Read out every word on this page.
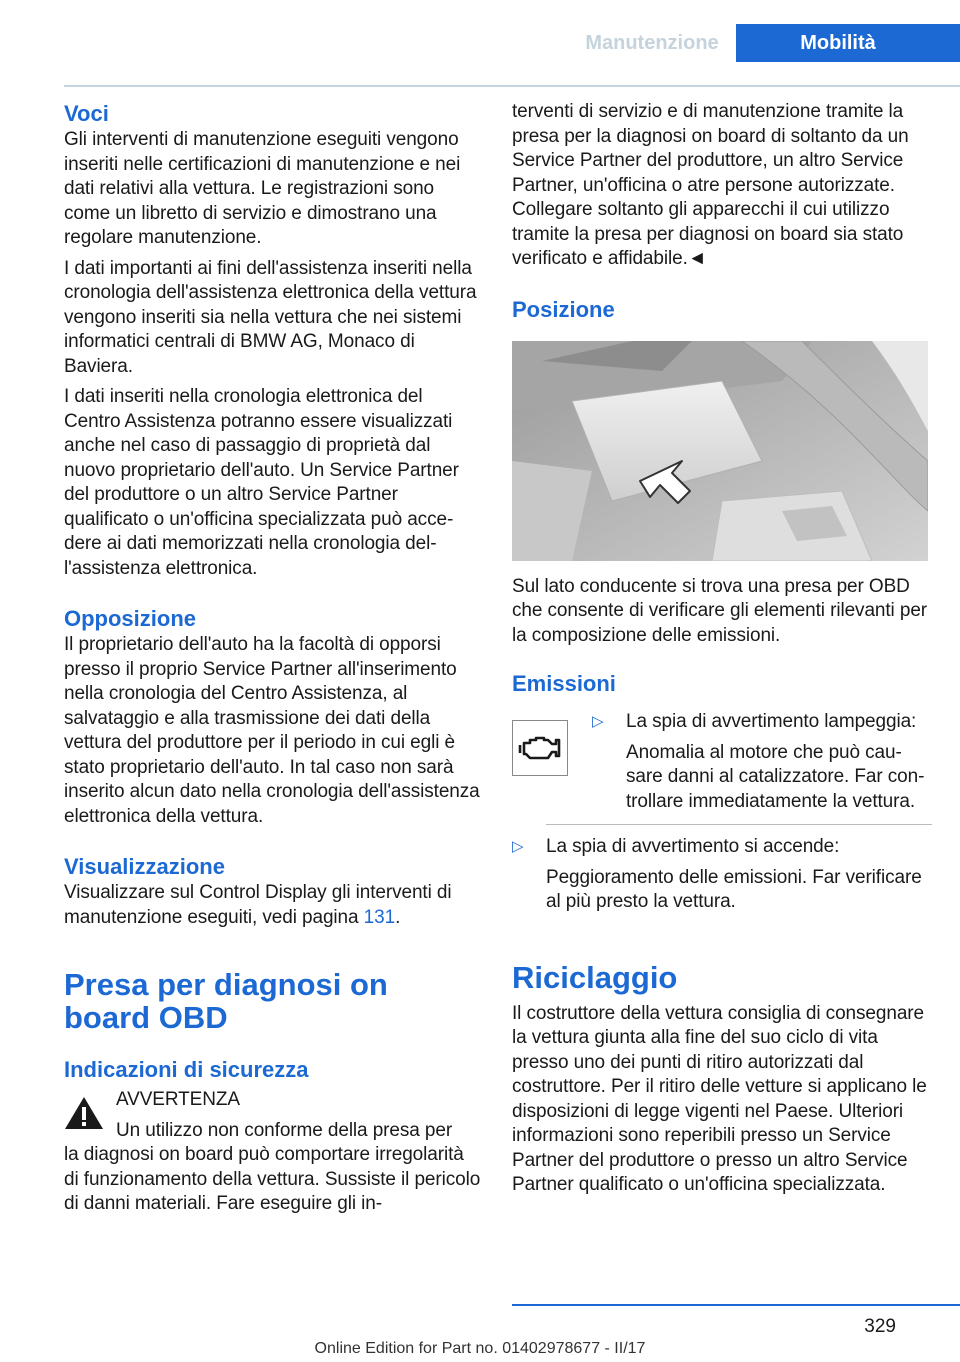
Manutenzione	Mobilità
Voci

Gli interventi di manutenzione eseguiti vengono inseriti nelle certificazioni di manutenzione e nei dati relativi alla vettura. Le registrazioni sono come un libretto di servizio e dimostrano una regolare manutenzione.

I dati importanti ai fini dell'assistenza inseriti nella cronologia dell'assistenza elettronica della vettura vengono inseriti sia nella vettura che nei sistemi informatici centrali di BMW AG, Monaco di Baviera.

I dati inseriti nella cronologia elettronica del Centro Assistenza potranno essere visualizzati anche nel caso di passaggio di proprietà dal nuovo proprietario dell'auto. Un Service Partner del produttore o un altro Service Partner qualificato o un'officina specializzata può accedere ai dati memorizzati nella cronologia dell'assistenza elettronica.

Opposizione

Il proprietario dell'auto ha la facoltà di opporsi presso il proprio Service Partner all'inserimento nella cronologia del Centro Assistenza, al salvataggio e alla trasmissione dei dati della vettura del produttore per il periodo in cui egli è stato proprietario dell'auto. In tal caso non sarà inserito alcun dato nella cronologia dell'assistenza elettronica della vettura.

Visualizzazione

Visualizzare sul Control Display gli interventi di manutenzione eseguiti, vedi pagina 131.

Presa per diagnosi on board OBD
Indicazioni di sicurezza

AVVERTENZA

Un utilizzo non conforme della presa per

la diagnosi on board può comportare irregolarità di funzionamento della vettura. Sussiste il pericolo di danni materiali. Fare eseguire gli in-

terventi di servizio e di manutenzione tramite la presa per la diagnosi on board di soltanto da un Service Partner del produttore, un altro Service Partner, un'officina o atre persone autorizzate. Collegare soltanto gli apparecchi il cui utilizzo tramite la presa per diagnosi on board sia stato verificato e affidabile.◄

Posizione

Sul lato conducente si trova una presa per OBD che consente di verificare gli elementi rilevanti per la composizione delle emissioni.

Emissioni
▷	La spia di avvertimento lampeggia:

Anomalia al motore che può causare danni al catalizzatore. Far controllare immediatamente la vettura.

▷	La spia di avvertimento si accende:

Peggioramento delle emissioni. Far verificare al più presto la vettura.

Riciclaggio

Il costruttore della vettura consiglia di consegnare la vettura giunta alla fine del suo ciclo di vita presso uno dei punti di ritiro autorizzati dal costruttore. Per il ritiro delle vetture si applicano le disposizioni di legge vigenti nel Paese. Ulteriori informazioni sono reperibili presso un Service Partner del produttore o presso un altro Service Partner qualificato o un'officina specializzata.

329
Online Edition for Part no. 01402978677 - II/17
